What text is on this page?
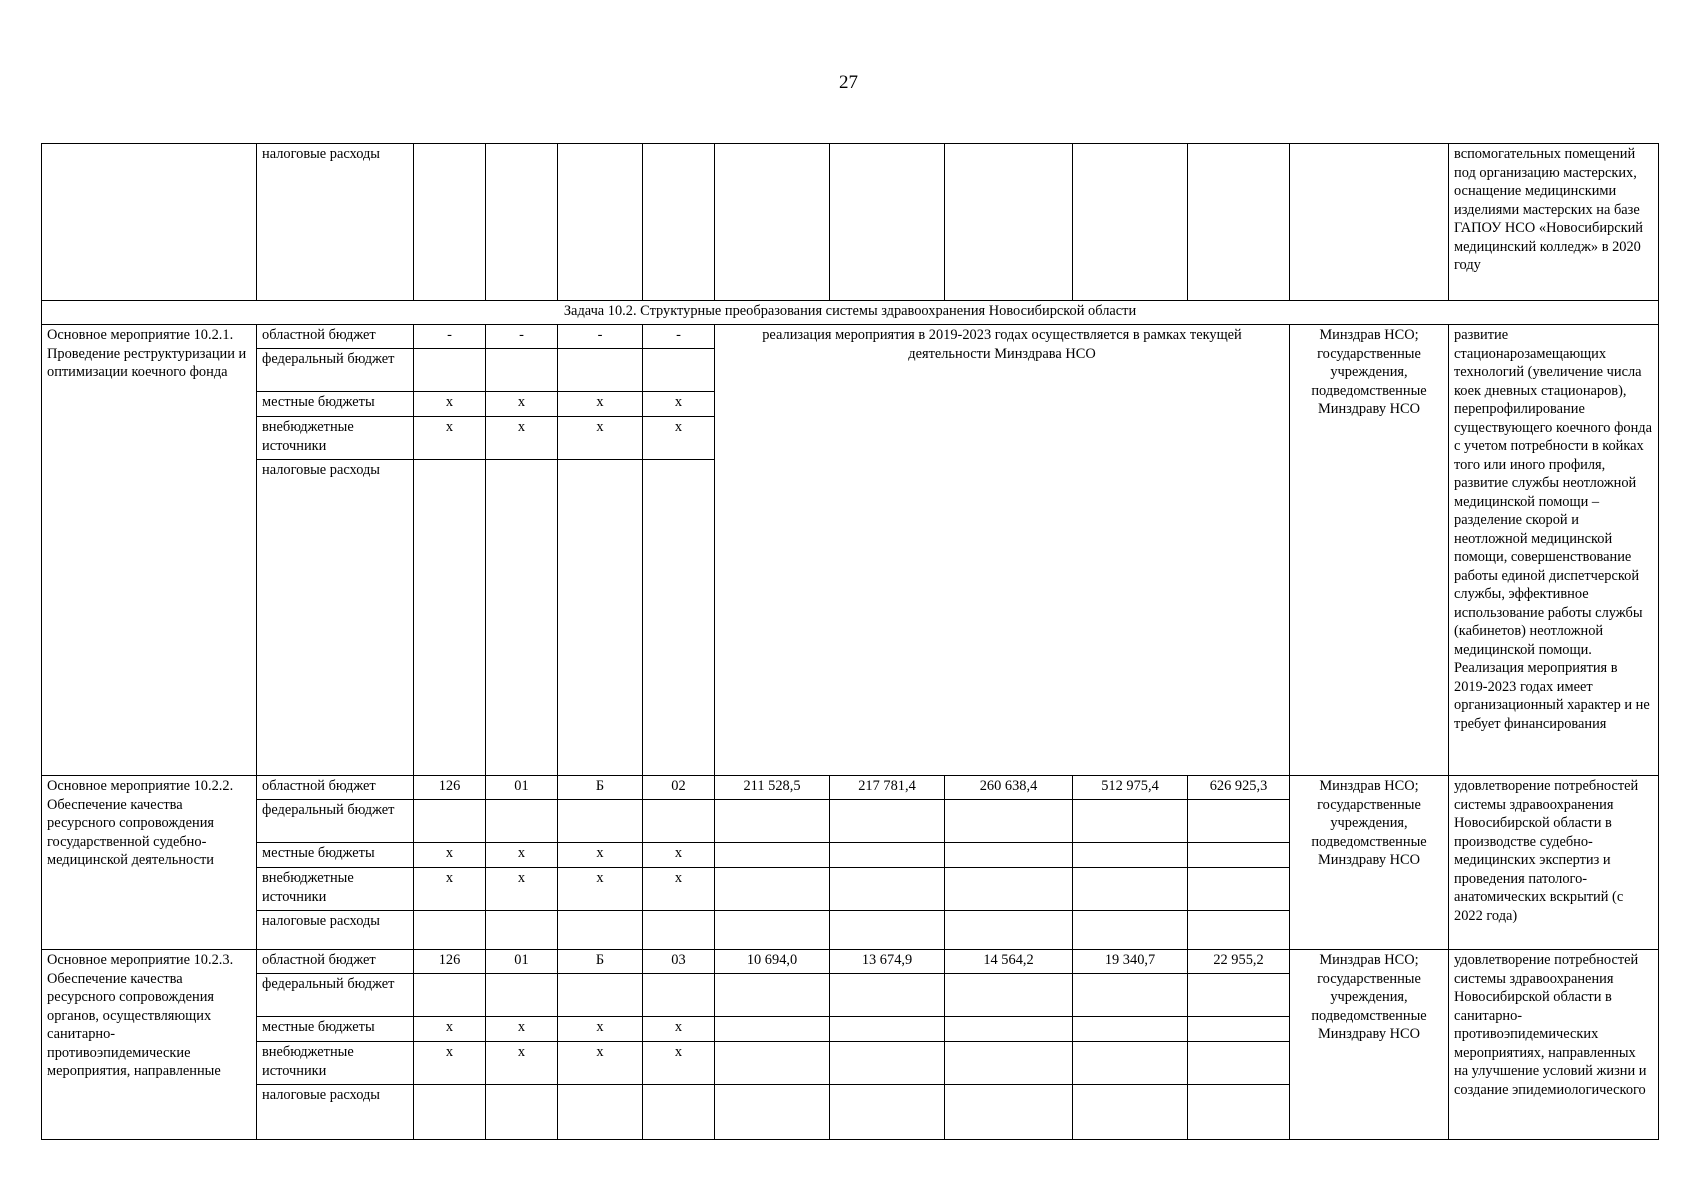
27
	налоговые расходы											вспомогательных помещений под организацию мастерских, оснащение медицинскими изделиями мастерских на базе ГАПОУ НСО «Новосибирский медицинский колледж» в 2020 году
Задача 10.2. Структурные преобразования системы здравоохранения Новосибирской области												
Основное мероприятие 10.2.1. Проведение реструктуризации и оптимизации коечного фонда	областной бюджет	-	-	-	-	реализация мероприятия в 2019-2023 годах осуществляется в рамках текущей деятельности Минздрава НСО					Минздрав НСО; государственные учреждения, подведомственные Минздраву НСО	развитие стационарозамещающих технологий (увеличение числа коек дневных стационаров), перепрофилирование существующего коечного фонда с учетом потребности в койках того или иного профиля, развитие службы неотложной медицинской помощи – разделение скорой и неотложной медицинской помощи, совершенствование работы единой диспетчерской службы, эффективное использование работы службы (кабинетов) неотложной медицинской помощи. Реализация мероприятия в 2019-2023 годах имеет организационный характер и не требует финансирования
	федеральный бюджет											
	местные бюджеты	х	х	х	х							
	внебюджетные источники	х	х	х	х							
	налоговые расходы											
Основное мероприятие 10.2.2. Обеспечение качества ресурсного сопровождения государственной судебно-медицинской деятельности	областной бюджет	126	01	Б	02	211 528,5	217 781,4	260 638,4	512 975,4	626 925,3	Минздрав НСО; государственные учреждения, подведомственные Минздраву НСО	удовлетворение потребностей системы здравоохранения Новосибирской области в производстве судебно-медицинских экспертиз и проведения патолого-анатомических вскрытий (с 2022 года)
	федеральный бюджет											
	местные бюджеты	х	х	х	х							
	внебюджетные источники	х	х	х	х							
	налоговые расходы											
Основное мероприятие 10.2.3. Обеспечение качества ресурсного сопровождения органов, осуществляющих санитарно-противоэпидемические мероприятия, направленные	областной бюджет	126	01	Б	03	10 694,0	13 674,9	14 564,2	19 340,7	22 955,2	Минздрав НСО; государственные учреждения, подведомственные Минздраву НСО	удовлетворение потребностей системы здравоохранения Новосибирской области в санитарно-противоэпидемических мероприятиях, направленных на улучшение условий жизни и создание эпидемиологического
	федеральный бюджет											
	местные бюджеты	х	х	х	х							
	внебюджетные источники	х	х	х	х							
	налоговые расходы											
